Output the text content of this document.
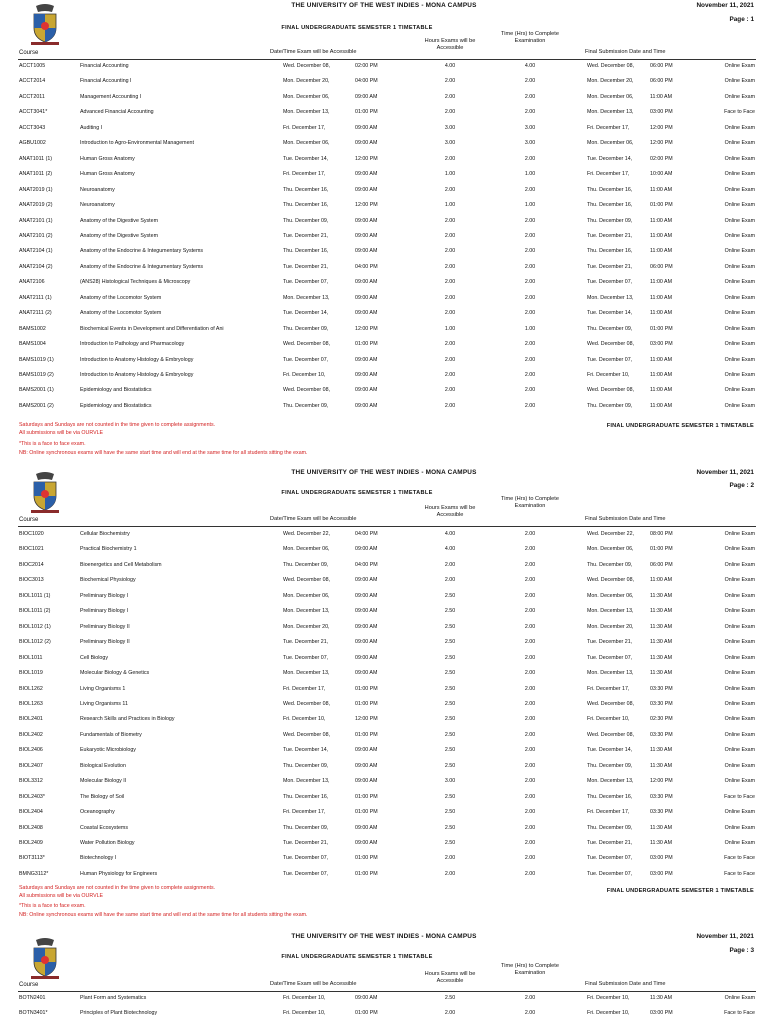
THE UNIVERSITY OF THE WEST INDIES - MONA CAMPUS	November 11, 2021
Page : 1
FINAL UNDERGRADUATE SEMESTER 1 TIMETABLE
Time (Hrs) to Complete Examination
Hours Exams will be Accessible
Course	Date/Time Exam will be Accessible	Final Submission Date and Time
ACCT1005	Financial Accounting	Wed. December 08,	02:00 PM	4.00	4.00	Wed. December 08,	06:00 PM	Online Exam
ACCT2014	Financial Accounting I	Mon. December 20,	04:00 PM	2.00	2.00	Mon. December 20,	06:00 PM	Online Exam
ACCT2011	Management Accounting I	Mon. December 06,	09:00 AM	2.00	2.00	Mon. December 06,	11:00 AM	Online Exam
ACCT3041*	Advanced Financial Accounting	Mon. December 13,	01:00 PM	2.00	2.00	Mon. December 13,	03:00 PM	Face to Face
ACCT3043	Auditing I	Fri. December 17,	09:00 AM	3.00	3.00	Fri. December 17,	12:00 PM	Online Exam
AGBU1002	Introduction to Agro-Environmental Management	Mon. December 06,	09:00 AM	3.00	3.00	Mon. December 06,	12:00 PM	Online Exam
ANAT1011 (1)	Human Gross Anatomy	Tue. December 14,	12:00 PM	2.00	2.00	Tue. December 14,	02:00 PM	Online Exam
ANAT1011 (2)	Human Gross Anatomy	Fri. December 17,	09:00 AM	1.00	1.00	Fri. December 17,	10:00 AM	Online Exam
ANAT2019 (1)	Neuroanatomy	Thu. December 16,	09:00 AM	2.00	2.00	Thu. December 16,	11:00 AM	Online Exam
ANAT2019 (2)	Neuroanatomy	Thu. December 16,	12:00 PM	1.00	1.00	Thu. December 16,	01:00 PM	Online Exam
ANAT2101 (1)	Anatomy of the Digestive System	Thu. December 09,	09:00 AM	2.00	2.00	Thu. December 09,	11:00 AM	Online Exam
ANAT2101 (2)	Anatomy of the Digestive System	Tue. December 21,	09:00 AM	2.00	2.00	Tue. December 21,	11:00 AM	Online Exam
ANAT2104 (1)	Anatomy of the Endocrine & Integumentary Systems	Thu. December 16,	09:00 AM	2.00	2.00	Thu. December 16,	11:00 AM	Online Exam
ANAT2104 (2)	Anatomy of the Endocrine & Integumentary Systems	Tue. December 21,	04:00 PM	2.00	2.00	Tue. December 21,	06:00 PM	Online Exam
ANAT2106	(ANS28) Histological Techniques & Microscopy	Tue. December 07,	09:00 AM	2.00	2.00	Tue. December 07,	11:00 AM	Online Exam
ANAT2111 (1)	Anatomy of the Locomotor System	Mon. December 13,	09:00 AM	2.00	2.00	Mon. December 13,	11:00 AM	Online Exam
ANAT2111 (2)	Anatomy of the Locomotor System	Tue. December 14,	09:00 AM	2.00	2.00	Tue. December 14,	11:00 AM	Online Exam
BAMS1002	Biochemical Events in Development and Differentiation of Ani	Thu. December 09,	12:00 PM	1.00	1.00	Thu. December 09,	01:00 PM	Online Exam
BAMS1004	Introduction to Pathology and Pharmacology	Wed. December 08,	01:00 PM	2.00	2.00	Wed. December 08,	03:00 PM	Online Exam
BAMS1019 (1)	Introduction to Anatomy Histology & Embryology	Tue. December 07,	09:00 AM	2.00	2.00	Tue. December 07,	11:00 AM	Online Exam
BAMS1019 (2)	Introduction to Anatomy Histology & Embryology	Fri. December 10,	09:00 AM	2.00	2.00	Fri. December 10,	11:00 AM	Online Exam
BAMS2001 (1)	Epidemiology and Biostatistics	Wed. December 08,	09:00 AM	2.00	2.00	Wed. December 08,	11:00 AM	Online Exam
BAMS2001 (2)	Epidemiology and Biostatistics	Thu. December 09,	09:00 AM	2.00	2.00	Thu. December 09,	11:00 AM	Online Exam
Saturdays and Sundays are not counted in the time given to complete assignments.	FINAL UNDERGRADUATE SEMESTER 1 TIMETABLE
All submissions will be via OURVLE
*This is a face to face exam.
NB: Online synchronous exams will have the same start time and will end at the same time for all students sitting the exam.
THE UNIVERSITY OF THE WEST INDIES - MONA CAMPUS	November 11, 2021
Page : 2
FINAL UNDERGRADUATE SEMESTER 1 TIMETABLE
Time (Hrs) to Complete Examination
Hours Exams will be Accessible
Course	Date/Time Exam will be Accessible	Final Submission Date and Time
BIOC1020	Cellular Biochemistry	Wed. December 22,	04:00 PM	4.00	2.00	Wed. December 22,	08:00 PM	Online Exam
BIOC1021	Practical Biochemistry 1	Mon. December 06,	09:00 AM	4.00	2.00	Mon. December 06,	01:00 PM	Online Exam
BIOC2014	Bioenergetics and Cell Metabolism	Thu. December 09,	04:00 PM	2.00	2.00	Thu. December 09,	06:00 PM	Online Exam
BIOC3013	Biochemical Physiology	Wed. December 08,	09:00 AM	2.00	2.00	Wed. December 08,	11:00 AM	Online Exam
BIOL1011 (1)	Preliminary Biology I	Mon. December 06,	09:00 AM	2.50	2.00	Mon. December 06,	11:30 AM	Online Exam
BIOL1011 (2)	Preliminary Biology I	Mon. December 13,	09:00 AM	2.50	2.00	Mon. December 13,	11:30 AM	Online Exam
BIOL1012 (1)	Preliminary Biology II	Mon. December 20,	09:00 AM	2.50	2.00	Mon. December 20,	11:30 AM	Online Exam
BIOL1012 (2)	Preliminary Biology II	Tue. December 21,	09:00 AM	2.50	2.00	Tue. December 21,	11:30 AM	Online Exam
BIOL1011	Cell Biology	Tue. December 07,	09:00 AM	2.50	2.00	Tue. December 07,	11:30 AM	Online Exam
BIOL1019	Molecular Biology & Genetics	Mon. December 13,	09:00 AM	2.50	2.00	Mon. December 13,	11:30 AM	Online Exam
BIOL1262	Living Organisms 1	Fri. December 17,	01:00 PM	2.50	2.00	Fri. December 17,	03:30 PM	Online Exam
BIOL1263	Living Organisms 11	Wed. December 08,	01:00 PM	2.50	2.00	Wed. December 08,	03:30 PM	Online Exam
BIOL2401	Research Skills and Practices in Biology	Fri. December 10,	12:00 PM	2.50	2.00	Fri. December 10,	02:30 PM	Online Exam
BIOL2402	Fundamentals of Biometry	Wed. December 08,	01:00 PM	2.50	2.00	Wed. December 08,	03:30 PM	Online Exam
BIOL2406	Eukaryotic Microbiology	Tue. December 14,	09:00 AM	2.50	2.00	Tue. December 14,	11:30 AM	Online Exam
BIOL2407	Biological Evolution	Thu. December 09,	09:00 AM	2.50	2.00	Thu. December 09,	11:30 AM	Online Exam
BIOL3312	Molecular Biology II	Mon. December 13,	09:00 AM	3.00	2.00	Mon. December 13,	12:00 PM	Online Exam
BIOL2403*	The Biology of Soil	Thu. December 16,	01:00 PM	2.50	2.00	Thu. December 16,	03:30 PM	Face to Face
BIOL2404	Oceanography	Fri. December 17,	01:00 PM	2.50	2.00	Fri. December 17,	03:30 PM	Online Exam
BIOL2408	Coastal Ecosystems	Thu. December 09,	09:00 AM	2.50	2.00	Thu. December 09,	11:30 AM	Online Exam
BIOL2409	Water Pollution Biology	Tue. December 21,	09:00 AM	2.50	2.00	Tue. December 21,	11:30 AM	Online Exam
BIOT3113*	Biotechnology I	Tue. December 07,	01:00 PM	2.00	2.00	Tue. December 07,	03:00 PM	Face to Face
BMNG3112*	Human Physiology for Engineers	Tue. December 07,	01:00 PM	2.00	2.00	Tue. December 07,	03:00 PM	Face to Face
Saturdays and Sundays are not counted in the time given to complete assignments.	FINAL UNDERGRADUATE SEMESTER 1 TIMETABLE
All submissions will be via OURVLE
*This is a face to face exam.
NB: Online synchronous exams will have the same start time and will end at the same time for all students sitting the exam.
THE UNIVERSITY OF THE WEST INDIES - MONA CAMPUS	November 11, 2021
Page : 3
FINAL UNDERGRADUATE SEMESTER 1 TIMETABLE
Time (Hrs) to Complete Examination
Hours Exams will be Accessible
Course	Date/Time Exam will be Accessible	Final Submission Date and Time
BOTN2401	Plant Form and Systematics	Fri. December 10,	09:00 AM	2.50	2.00	Fri. December 10,	11:30 AM	Online Exam
BOTN3401*	Principles of Plant Biotechnology	Fri. December 10,	01:00 PM	2.00	2.00	Fri. December 10,	03:00 PM	Face to Face
